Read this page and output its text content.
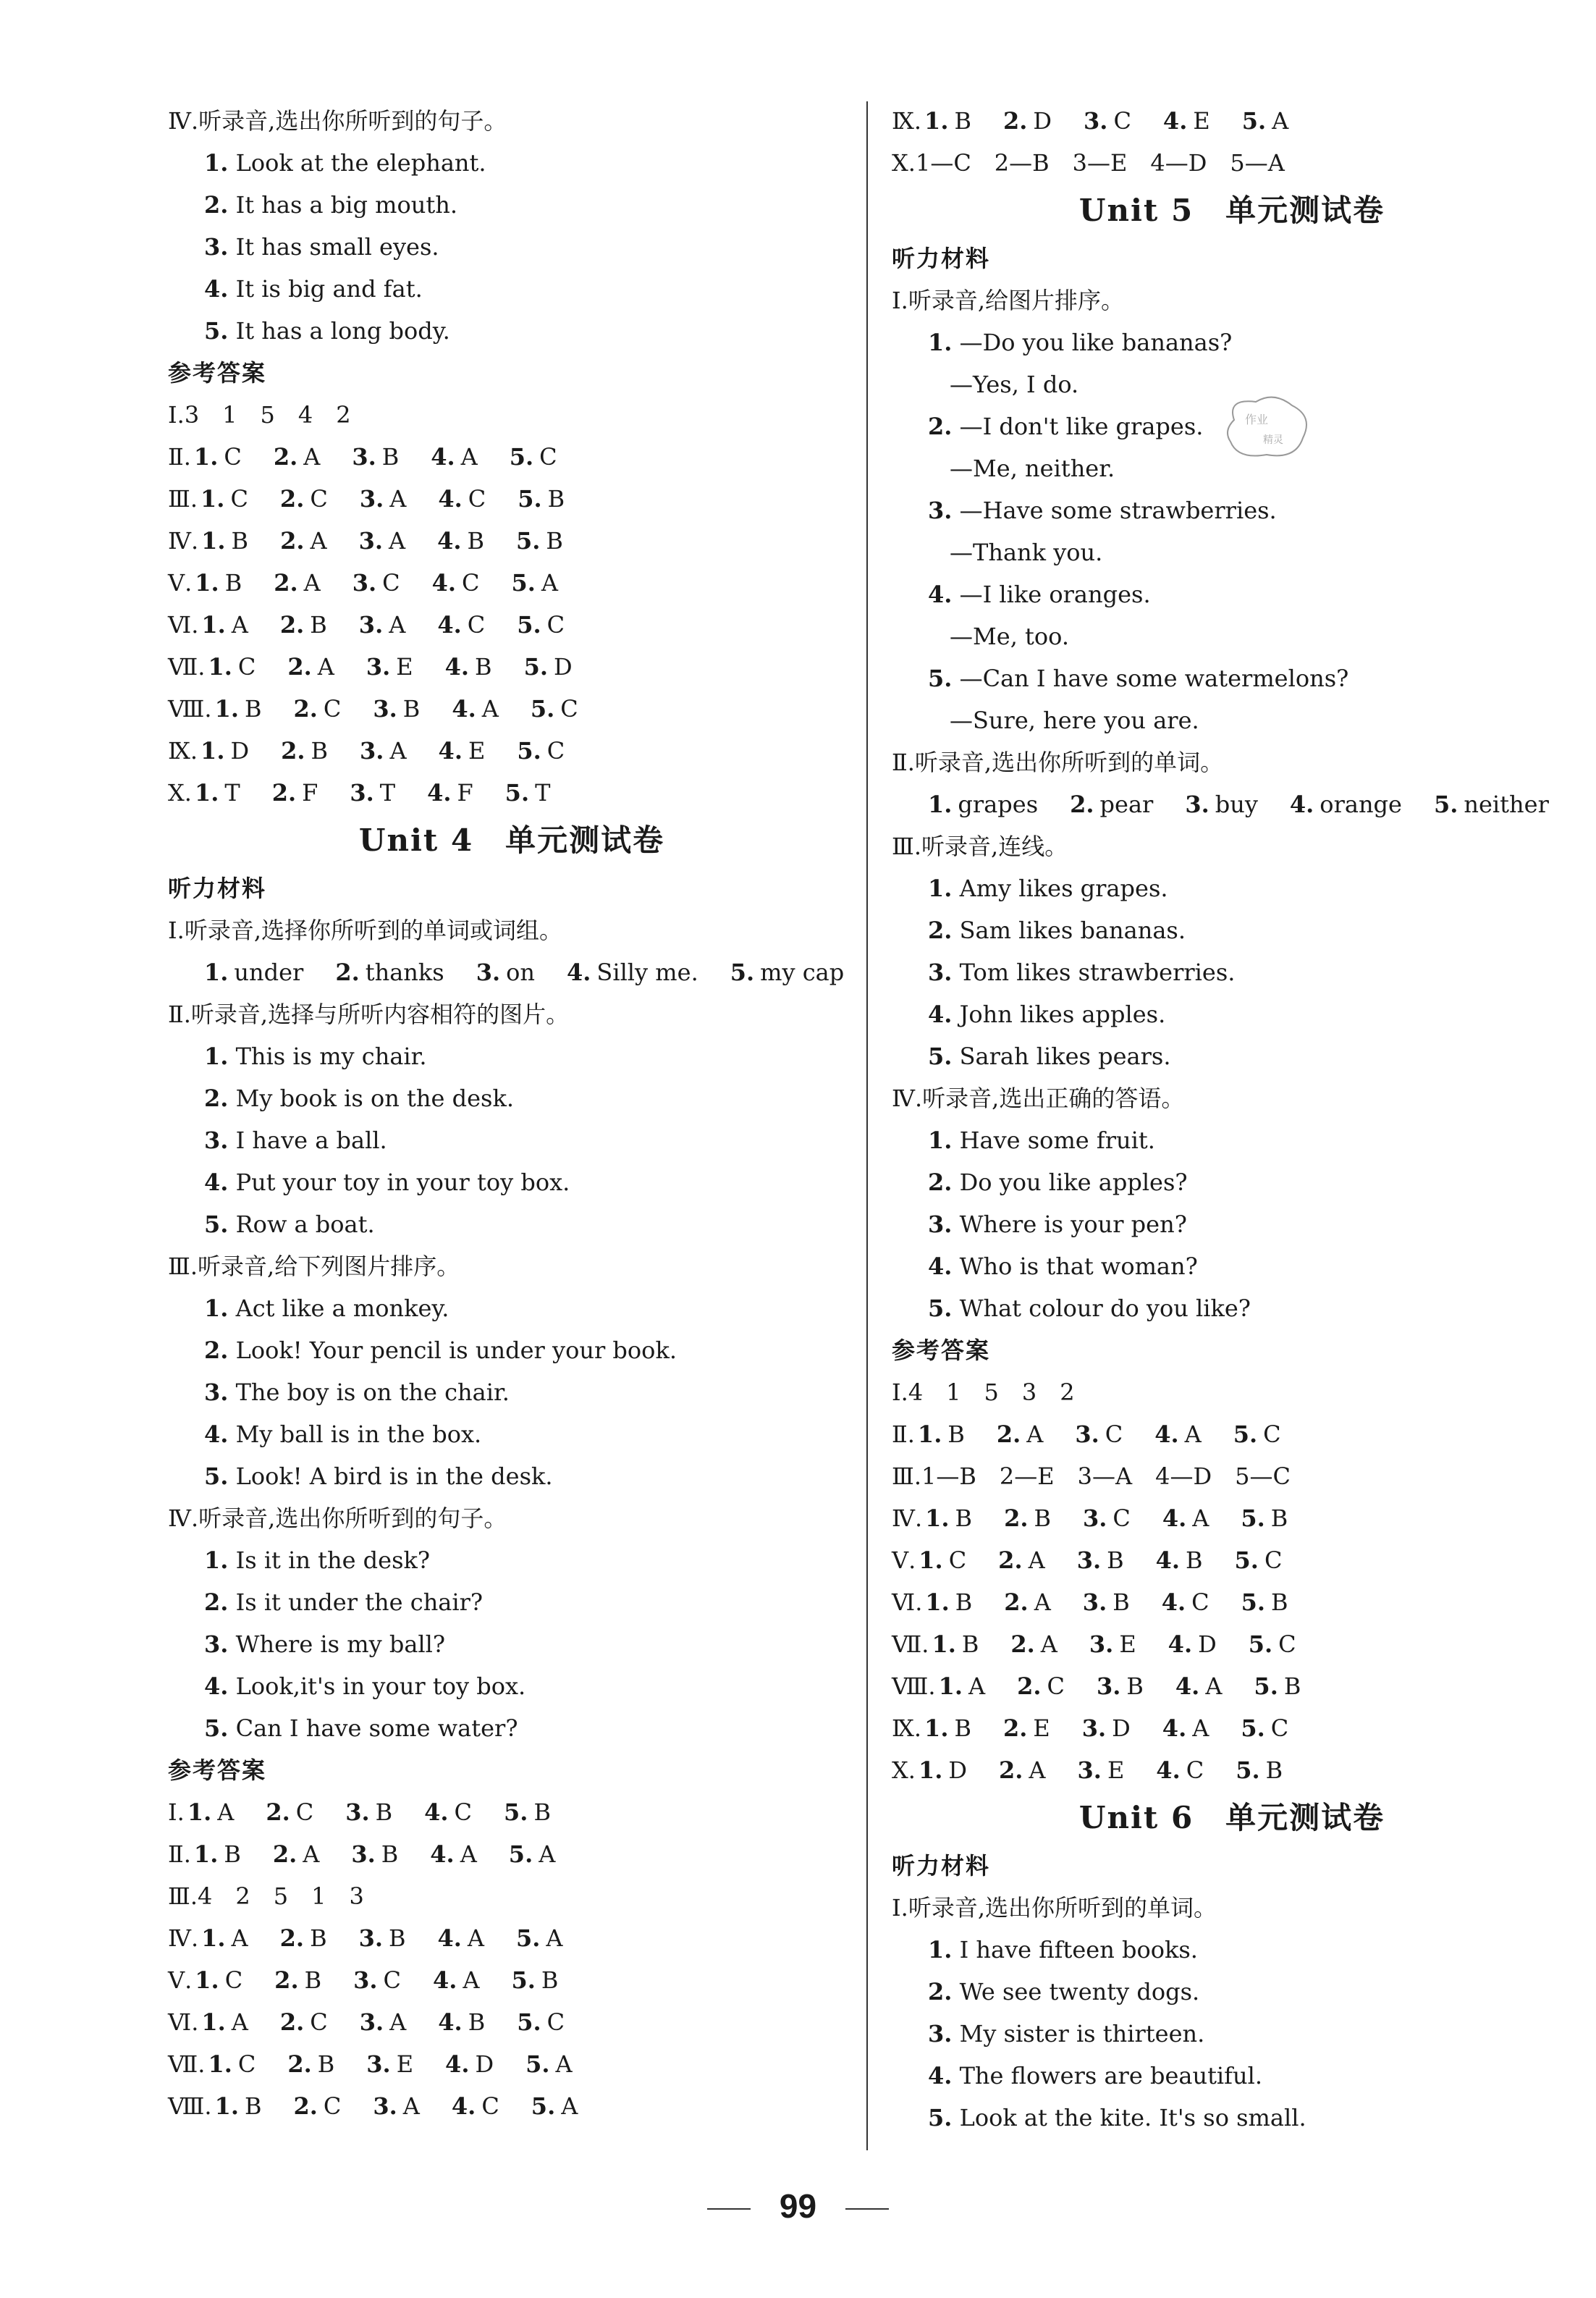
Ⅳ.听录音,选出你所听到的句子。
1. Look at the elephant.
2. It has a big mouth.
3. It has small eyes.
4. It is big and fat.
5. It has a long body.
参考答案
Ⅰ.3　1　5　4　2
Ⅱ. 1. C 2. A 3. B 4. A 5. C
Ⅲ. 1. C 2. C 3. A 4. C 5. B
Ⅳ. 1. B 2. A 3. A 4. B 5. B
Ⅴ. 1. B 2. A 3. C 4. C 5. A
Ⅵ. 1. A 2. B 3. A 4. C 5. C
Ⅶ. 1. C 2. A 3. E 4. B 5. D
Ⅷ. 1. B 2. C 3. B 4. A 5. C
Ⅸ. 1. D 2. B 3. A 4. E 5. C
Ⅹ. 1. T 2. F 3. T 4. F 5. T
Unit 4　单元测试卷
听力材料
Ⅰ.听录音,选择你所听到的单词或词组。
1. under 2. thanks 3. on 4. Silly me. 5. my cap
Ⅱ.听录音,选择与所听内容相符的图片。
1. This is my chair.
2. My book is on the desk.
3. I have a ball.
4. Put your toy in your toy box.
5. Row a boat.
Ⅲ.听录音,给下列图片排序。
1. Act like a monkey.
2. Look! Your pencil is under your book.
3. The boy is on the chair.
4. My ball is in the box.
5. Look! A bird is in the desk.
Ⅳ.听录音,选出你所听到的句子。
1. Is it in the desk?
2. Is it under the chair?
3. Where is my ball?
4. Look,it's in your toy box.
5. Can I have some water?
参考答案
Ⅰ. 1. A 2. C 3. B 4. C 5. B
Ⅱ. 1. B 2. A 3. B 4. A 5. A
Ⅲ.4　2　5　1　3
Ⅳ. 1. A 2. B 3. B 4. A 5. A
Ⅴ. 1. C 2. B 3. C 4. A 5. B
Ⅵ. 1. A 2. C 3. A 4. B 5. C
Ⅶ. 1. C 2. B 3. E 4. D 5. A
Ⅷ. 1. B 2. C 3. A 4. C 5. A
Ⅸ. 1. B 2. D 3. C 4. E 5. A
Ⅹ.1—C　2—B　3—E　4—D　5—A
Unit 5　单元测试卷
听力材料
Ⅰ.听录音,给图片排序。
1. —Do you like bananas?
—Yes, I do.
2. —I don't like grapes.
—Me, neither.
3. —Have some strawberries.
—Thank you.
4. —I like oranges.
—Me, too.
5. —Can I have some watermelons?
—Sure, here you are.
Ⅱ.听录音,选出你所听到的单词。
1. grapes 2. pear 3. buy 4. orange 5. neither
Ⅲ.听录音,连线。
1. Amy likes grapes.
2. Sam likes bananas.
3. Tom likes strawberries.
4. John likes apples.
5. Sarah likes pears.
Ⅳ.听录音,选出正确的答语。
1. Have some fruit.
2. Do you like apples?
3. Where is your pen?
4. Who is that woman?
5. What colour do you like?
参考答案
Ⅰ.4　1　5　3　2
Ⅱ. 1. B 2. A 3. C 4. A 5. C
Ⅲ.1—B　2—E　3—A　4—D　5—C
Ⅳ. 1. B 2. B 3. C 4. A 5. B
Ⅴ. 1. C 2. A 3. B 4. B 5. C
Ⅵ. 1. B 2. A 3. B 4. C 5. B
Ⅶ. 1. B 2. A 3. E 4. D 5. C
Ⅷ. 1. A 2. C 3. B 4. A 5. B
Ⅸ. 1. B 2. E 3. D 4. A 5. C
Ⅹ. 1. D 2. A 3. E 4. C 5. B
Unit 6　单元测试卷
听力材料
Ⅰ.听录音,选出你所听到的单词。
1. I have fifteen books.
2. We see twenty dogs.
3. My sister is thirteen.
4. The flowers are beautiful.
5. Look at the kite. It's so small.
作业
精灵
99
